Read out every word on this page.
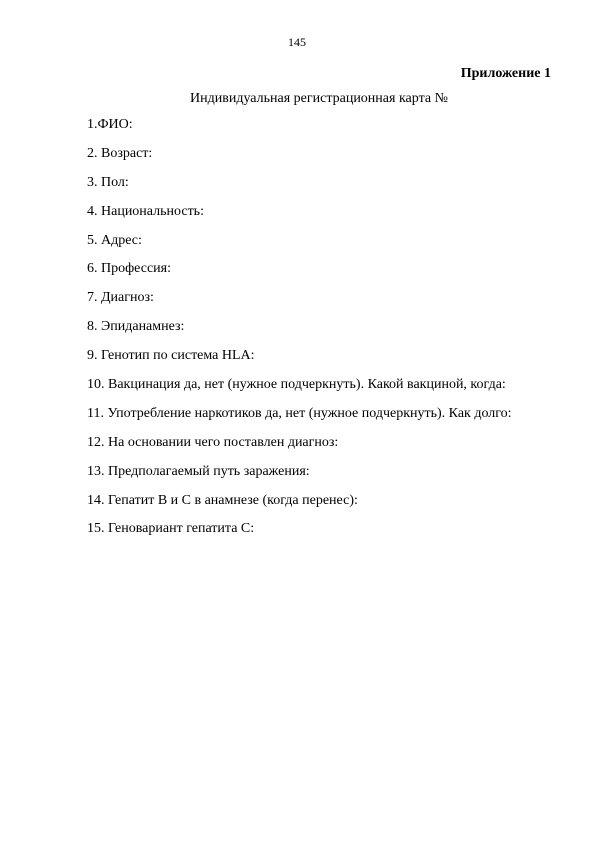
145
Приложение 1
Индивидуальная регистрационная карта №
1.ФИО:
2. Возраст:
3. Пол:
4. Национальность:
5. Адрес:
6. Профессия:
7. Диагноз:
8. Эпиданамнез:
9. Генотип по система HLA:
10. Вакцинация да, нет (нужное подчеркнуть). Какой вакциной, когда:
11. Употребление наркотиков да, нет (нужное подчеркнуть). Как долго:
12. На основании чего поставлен диагноз:
13. Предполагаемый путь заражения:
14. Гепатит В и С в анамнезе (когда перенес):
15. Геновариант гепатита С:
